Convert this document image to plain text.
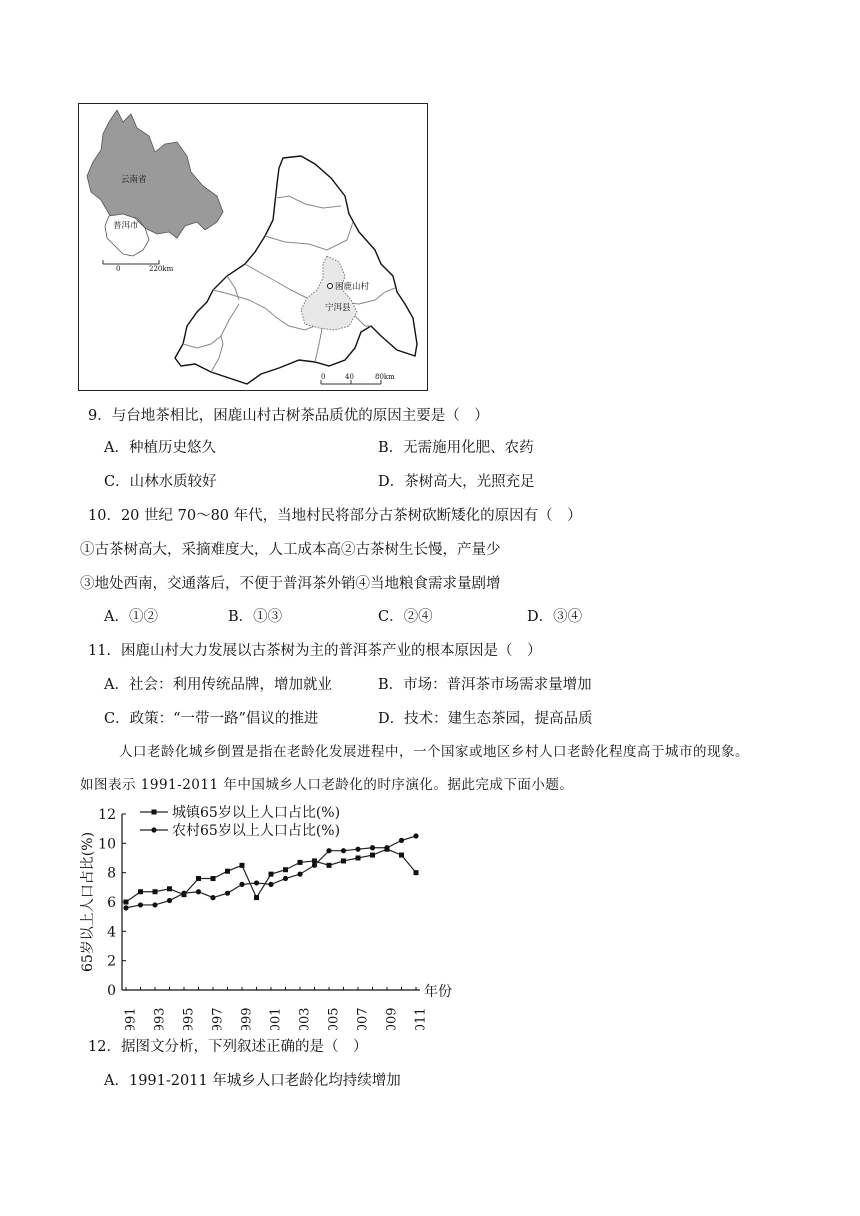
云南省
普洱市
0	220km
困鹿山村
宁洱县
0	40	80km
9．与台地茶相比，困鹿山村古树茶品质优的原因主要是（　）
A．种植历史悠久	B．无需施用化肥、农药
C．山林水质较好	D．茶树高大，光照充足
10．20 世纪 70～80 年代，当地村民将部分古茶树砍断矮化的原因有（　）
①古茶树高大，采摘难度大，人工成本高②古茶树生长慢，产量少
③地处西南，交通落后，不便于普洱茶外销④当地粮食需求量剧增
A．①②	B．①③	C．②④	D．③④
11．困鹿山村大力发展以古茶树为主的普洱茶产业的根本原因是（　）
A．社会：利用传统品牌，增加就业	B．市场：普洱茶市场需求量增加
C．政策：“一带一路”倡议的推进	D．技术：建生态茶园，提高品质
人口老龄化城乡倒置是指在老龄化发展进程中，一个国家或地区乡村人口老龄化程度高于城市的现象。
如图表示 1991-2011 年中国城乡人口老龄化的时序演化。据此完成下面小题。
0
2
4
6
8
10
12
1991 1993 1995 1997 1999 2001 2003 2005 2007 2009 2011
65岁以上人口占比(%)
年份
城镇65岁以上人口占比(%)
农村65岁以上人口占比(%)
12．据图文分析，下列叙述正确的是（　）
A．1991-2011 年城乡人口老龄化均持续增加
